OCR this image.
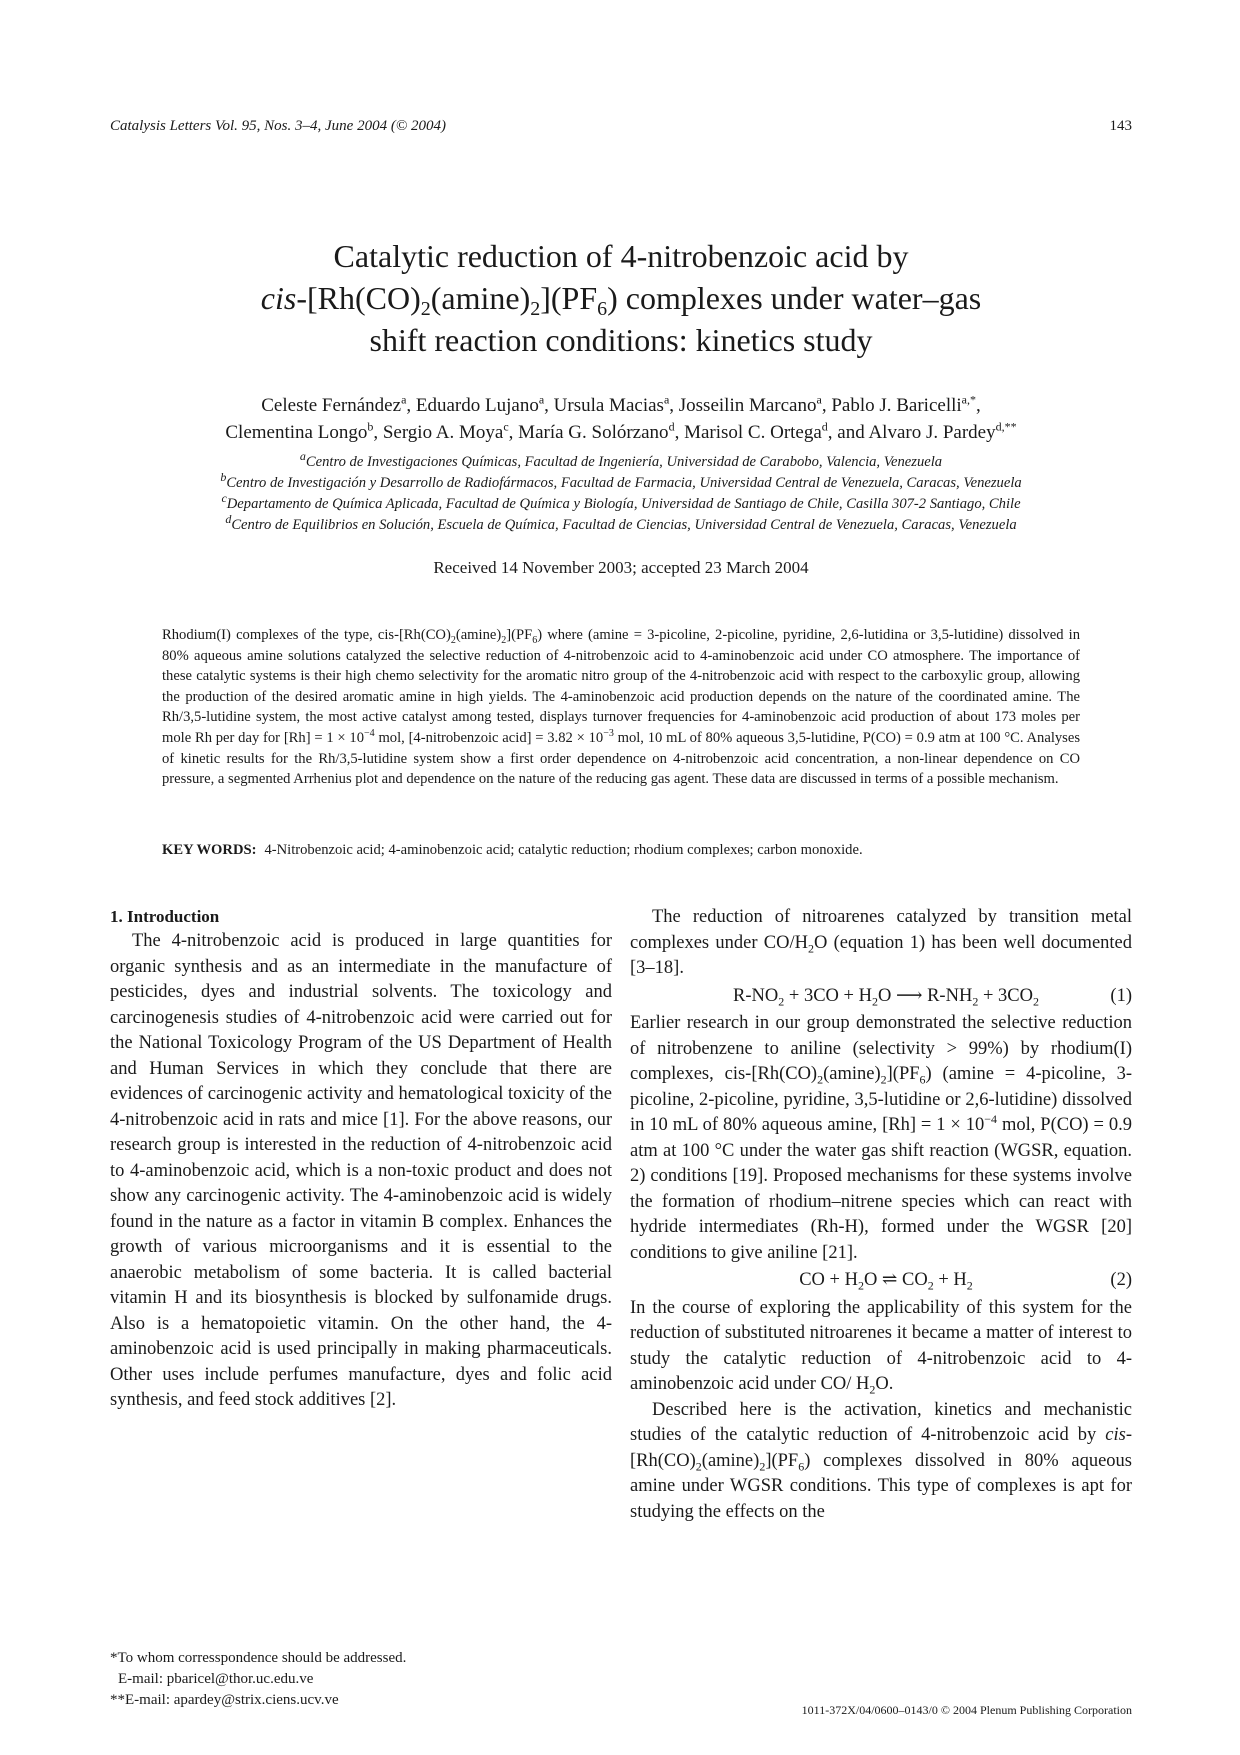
Catalysis Letters Vol. 95, Nos. 3–4, June 2004 (© 2004)	143
Catalytic reduction of 4-nitrobenzoic acid by
cis-$[Rh(CO)_2(amine)_2](PF_6)$ complexes under water–gas
shift reaction conditions: kinetics study
Celeste Fernández$^a$, Eduardo Lujano$^a$, Ursula Macias$^a$, Josseilin Marcano$^a$, Pablo J. Baricelli$^{a,*}$,
Clementina Longo$^b$, Sergio A. Moya$^c$, María G. Solórzano$^d$, Marisol C. Ortega$^d$, and Alvaro J. Pardey$^{d,**}$
$^a$Centro de Investigaciones Químicas, Facultad de Ingeniería, Universidad de Carabobo, Valencia, Venezuela
$^b$Centro de Investigación y Desarrollo de Radiofármacos, Facultad de Farmacia, Universidad Central de Venezuela, Caracas, Venezuela
$^c$Departamento de Química Aplicada, Facultad de Química y Biología, Universidad de Santiago de Chile, Casilla 307-2 Santiago, Chile
$^d$Centro de Equilibrios en Solución, Escuela de Química, Facultad de Ciencias, Universidad Central de Venezuela, Caracas, Venezuela
Received 14 November 2003; accepted 23 March 2004
Rhodium(I) complexes of the type, cis-$[Rh(CO)_2(amine)_2](PF_6)$ where (amine = 3-picoline, 2-picoline, pyridine, 2,6-lutidina or 3,5-lutidine) dissolved in 80% aqueous amine solutions catalyzed the selective reduction of 4-nitrobenzoic acid to 4-aminobenzoic acid under CO atmosphere. The importance of these catalytic systems is their high chemo selectivity for the aromatic nitro group of the 4-nitrobenzoic acid with respect to the carboxylic group, allowing the production of the desired aromatic amine in high yields. The 4-aminobenzoic acid production depends on the nature of the coordinated amine. The Rh/3,5-lutidine system, the most active catalyst among tested, displays turnover frequencies for 4-aminobenzoic acid production of about 173 moles per mole Rh per day for $[Rh] = 1 \times 10^{-4}$ mol, [4-nitrobenzoic acid] = $3.82 \times 10^{-3}$ mol, 10 mL of 80% aqueous 3,5-lutidine, P(CO) = 0.9 atm at 100 °C. Analyses of kinetic results for the Rh/3,5-lutidine system show a first order dependence on 4-nitrobenzoic acid concentration, a non-linear dependence on CO pressure, a segmented Arrhenius plot and dependence on the nature of the reducing gas agent. These data are discussed in terms of a possible mechanism.
KEY WORDS: 4-Nitrobenzoic acid; 4-aminobenzoic acid; catalytic reduction; rhodium complexes; carbon monoxide.

1. Introduction

The 4-nitrobenzoic acid is produced in large quantities for organic synthesis and as an intermediate in the manufacture of pesticides, dyes and industrial solvents. The toxicology and carcinogenesis studies of 4-nitrobenzoic acid were carried out for the National Toxicology Program of the US Department of Health and Human Services in which they conclude that there are evidences of carcinogenic activity and hematological toxicity of the 4-nitrobenzoic acid in rats and mice [1]. For the above reasons, our research group is interested in the reduction of 4-nitrobenzoic acid to 4-aminobenzoic acid, which is a non-toxic product and does not show any carcinogenic activity. The 4-aminobenzoic acid is widely found in the nature as a factor in vitamin B complex. Enhances the growth of various microorganisms and it is essential to the anaerobic metabolism of some bacteria. It is called bacterial vitamin H and its biosynthesis is blocked by sulfonamide drugs. Also is a hematopoietic vitamin. On the other hand, the 4-aminobenzoic acid is used principally in making pharmaceuticals. Other uses include perfumes manufacture, dyes and folic acid synthesis, and feed stock additives [2].

The reduction of nitroarenes catalyzed by transition metal complexes under $CO/H_2O$ (equation 1) has been well documented [3–18].

$R-NO_2 + 3CO + H_2O$ ⟶ $R-NH_2 + 3CO_2$	(1)

Earlier research in our group demonstrated the selective reduction of nitrobenzene to aniline (selectivity > 99%) by rhodium(I) complexes, cis-$[Rh(CO)_2(amine)_2](PF_6) (amine$ = 4-picoline, 3-picoline, 2-picoline, pyridine, 3,5-lutidine or 2,6-lutidine) dissolved in 10 mL of 80% aqueous amine, $[Rh] = 1 \times 10^{-4}$ mol, P(CO) = 0.9 atm at 100 °C under the water gas shift reaction (WGSR, equation. 2) conditions [19]. Proposed mechanisms for these systems involve the formation of rhodium–nitrene species which can react with hydride intermediates (Rh-H), formed under the WGSR [20] conditions to give aniline [21].

CO + $H_2O$ ⇌ $CO_2 + H_2$	(2)

In the course of exploring the applicability of this system for the reduction of substituted nitroarenes it became a matter of interest to study the catalytic reduction of 4-nitrobenzoic acid to 4-aminobenzoic acid under CO/ $H_2O$.

Described here is the activation, kinetics and mechanistic studies of the catalytic reduction of 4-nitrobenzoic acid by cis-$[Rh(CO)_2(amine)_2](PF_6)$ complexes dissolved in 80% aqueous amine under WGSR conditions. This type of complexes is apt for studying the effects on the

*To whom corresspondence should be addressed.
E-mail: pbaricel@thor.uc.edu.ve
**E-mail: apardey@strix.ciens.ucv.ve
1011-372X/04/0600–0143/0 © 2004 Plenum Publishing Corporation
